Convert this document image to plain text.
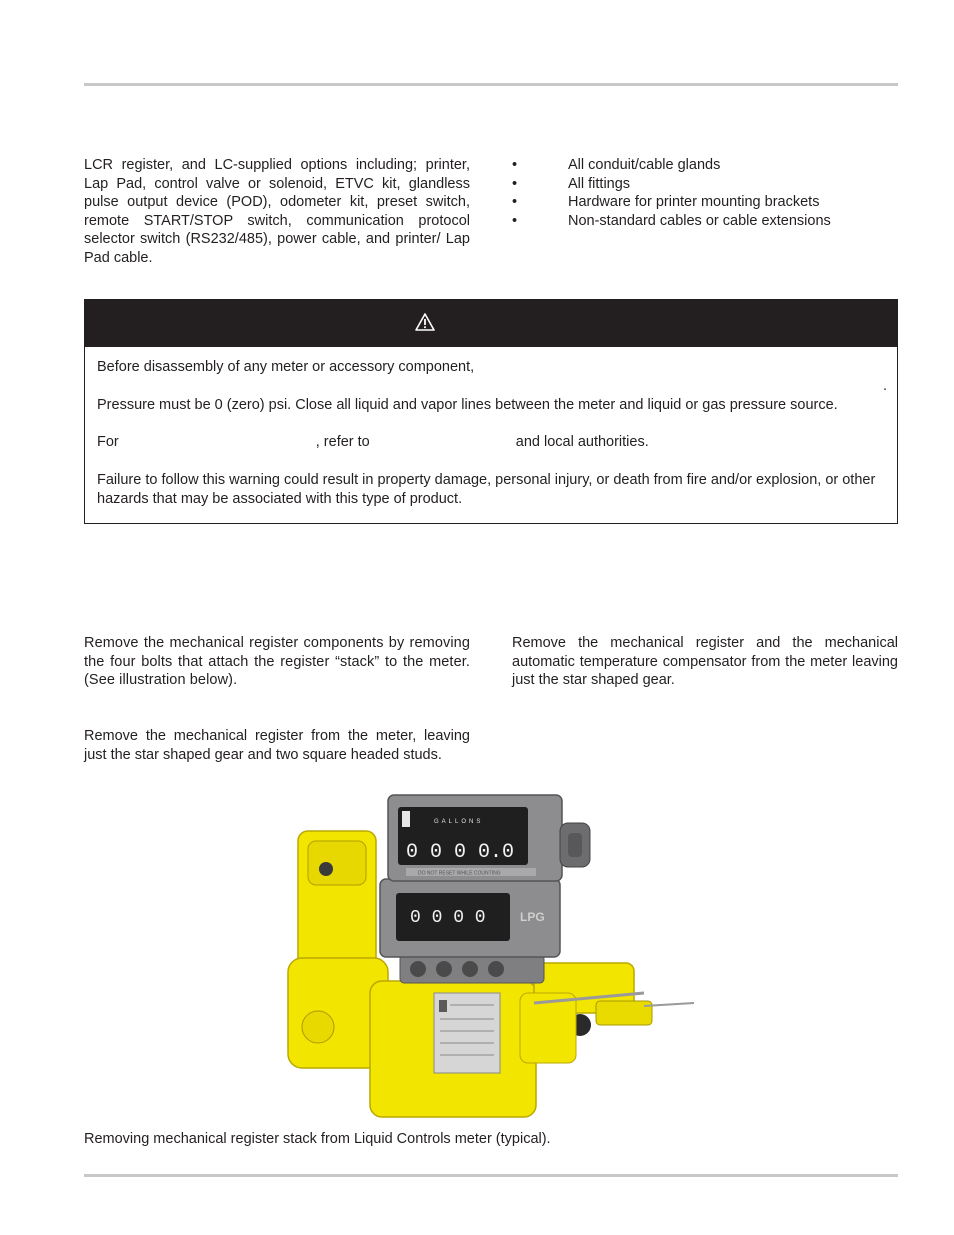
LCR register, and LC-supplied options including; printer, Lap Pad, control valve or solenoid, ETVC kit, glandless pulse output device (POD), odometer kit, preset switch, remote START/STOP switch, communication protocol selector switch (RS232/485), power cable, and printer/ Lap Pad cable.
•	All conduit/cable glands
•	All fittings
•	Hardware for printer mounting brackets
•	Non-standard cables or cable extensions
Before disassembly of any meter or accessory component,
.
Pressure must be 0 (zero) psi. Close all liquid and vapor lines between the meter and liquid or gas pressure source.
For	, refer to	and local authorities.
Failure to follow this warning could result in property damage, personal injury, or death from fire and/or explosion, or other hazards that may be associated with this type of product.
Remove the mechanical register components by removing the four bolts that attach the register “stack” to the meter. (See illustration below).
Remove the mechanical register from the meter, leaving just the star shaped gear and two square headed studs.
Remove the mechanical register and the mechanical automatic temperature compensator from the meter leaving just the star shaped gear.
0 0 0 0	LPG
GALLONS
0 0 0 0.0
DO NOT RESET WHILE COUNTING
Removing mechanical register stack from Liquid Controls meter (typical).
